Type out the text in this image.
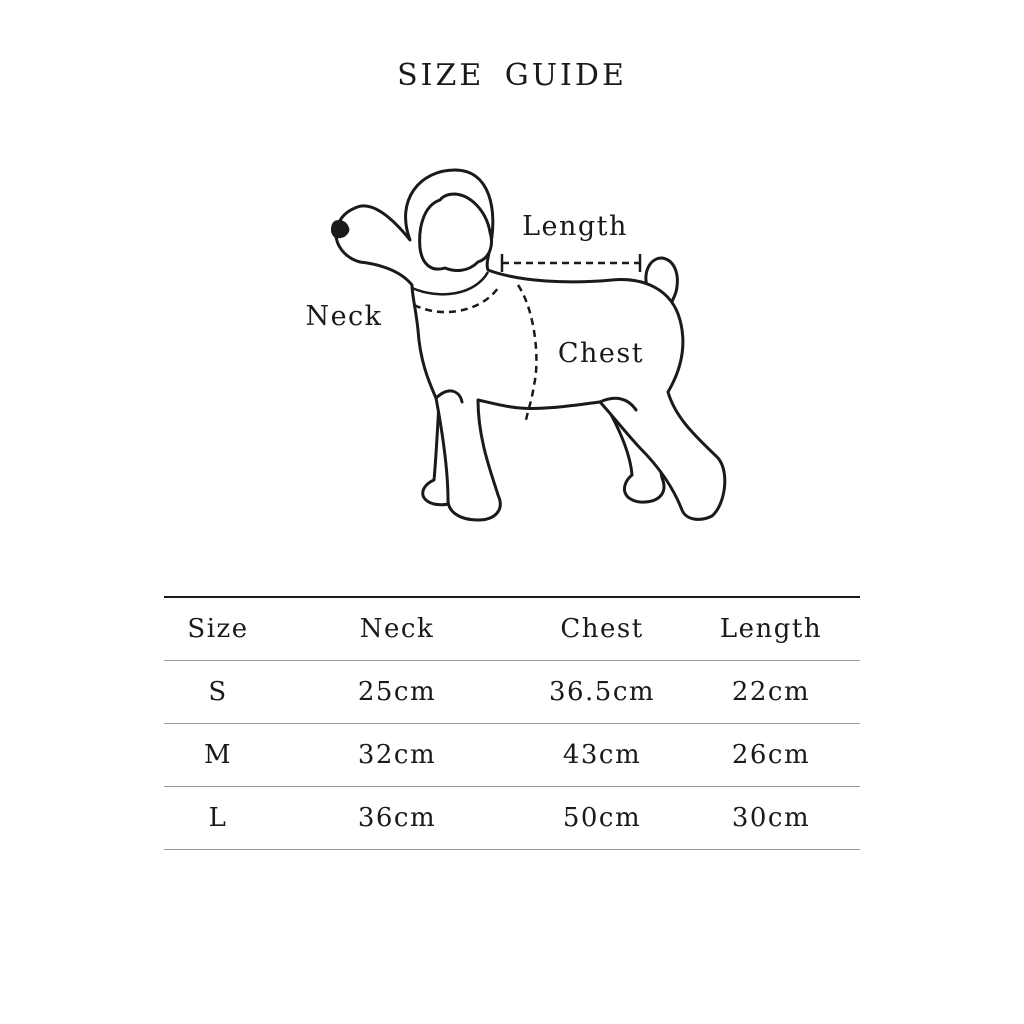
SIZE GUIDE
Length
Neck
Chest
Size	Neck	Chest	Length
S	25cm	36.5cm	22cm
M	32cm	43cm	26cm
L	36cm	50cm	30cm
